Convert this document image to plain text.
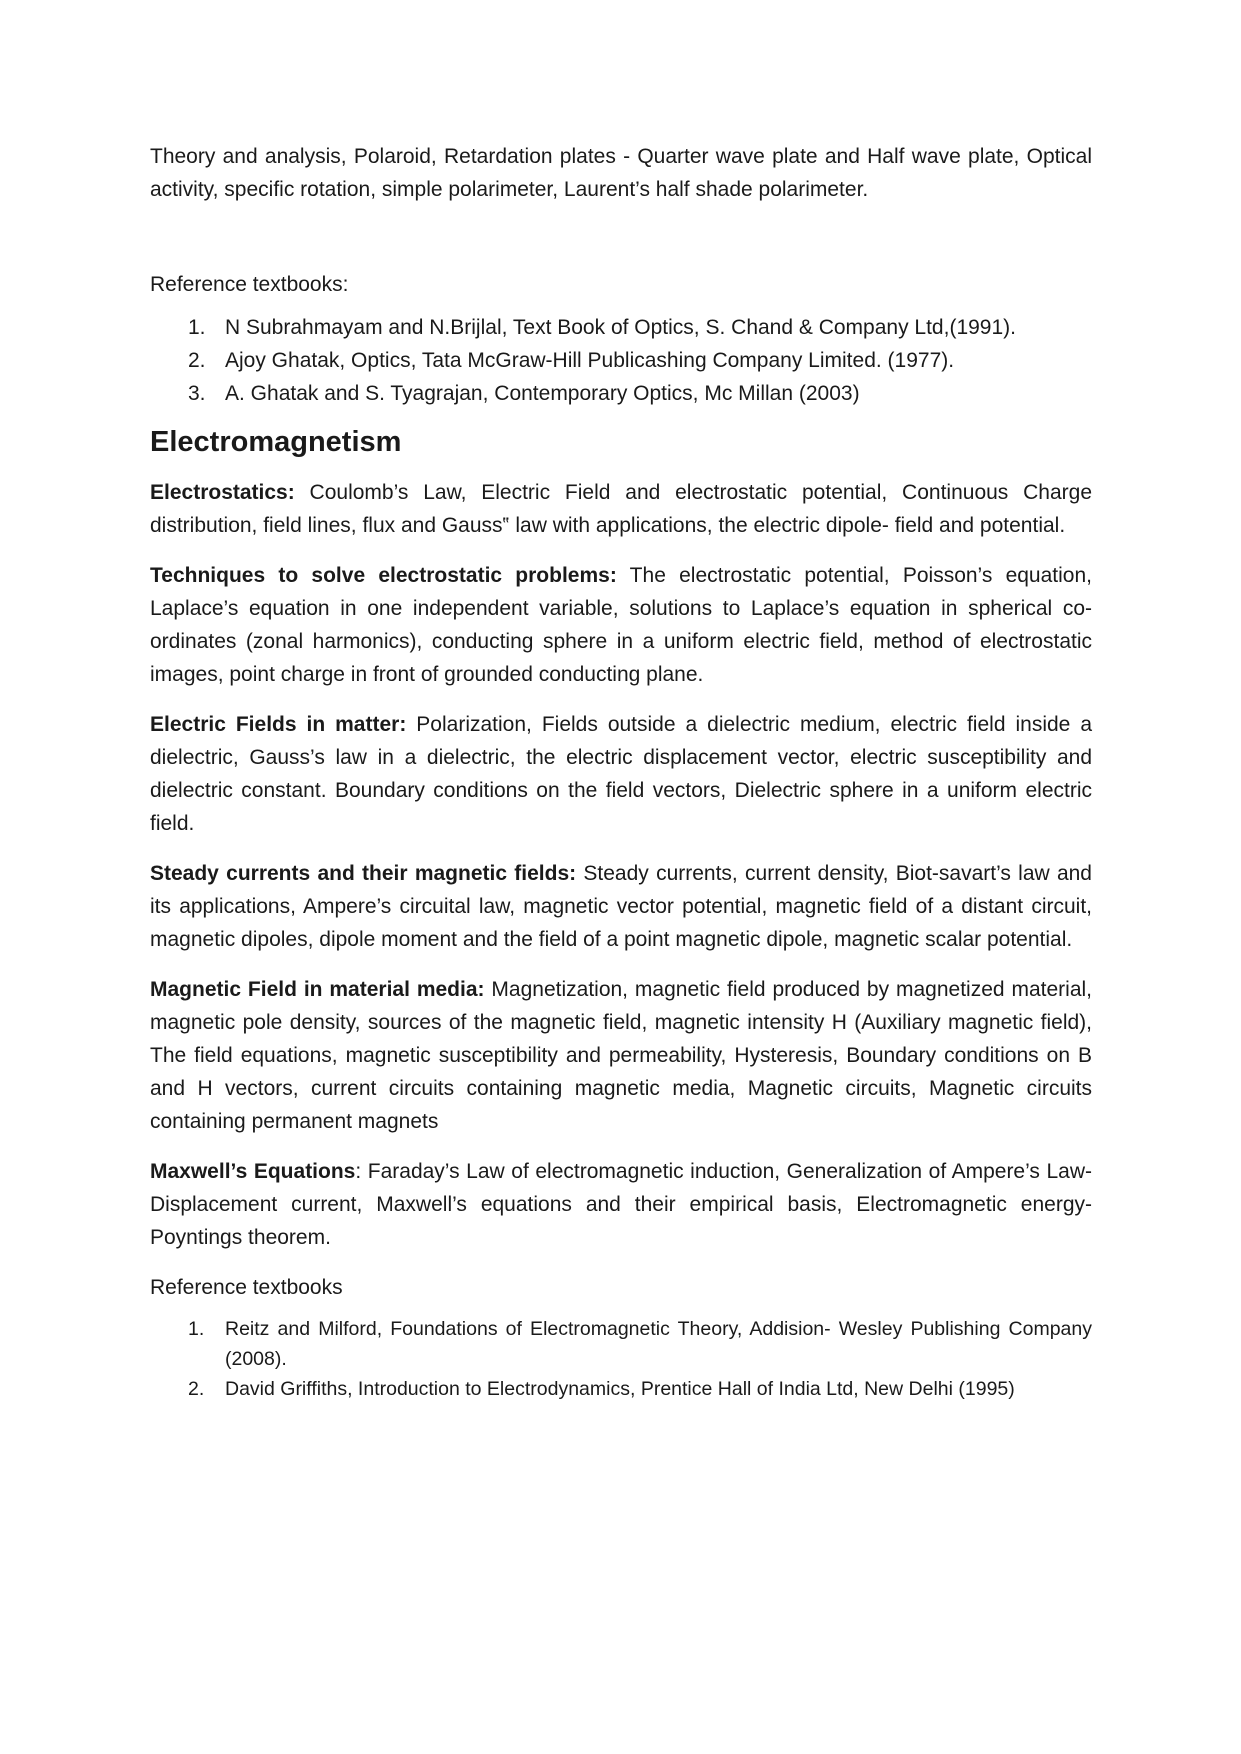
Theory and analysis, Polaroid, Retardation plates - Quarter wave plate and Half wave plate, Optical activity, specific rotation, simple polarimeter, Laurent’s half shade polarimeter.

Reference textbooks:

1. N Subrahmayam and N.Brijlal, Text Book of Optics, S. Chand & Company Ltd,(1991).
2. Ajoy Ghatak, Optics, Tata McGraw-Hill Publicashing Company Limited. (1977).
3. A. Ghatak and S. Tyagrajan, Contemporary Optics, Mc Millan (2003)
Electromagnetism

Electrostatics: Coulomb’s Law, Electric Field and electrostatic potential, Continuous Charge distribution, field lines, flux and Gauss‟ law with applications, the electric dipole- field and potential.

Techniques to solve electrostatic problems: The electrostatic potential, Poisson’s equation, Laplace’s equation in one independent variable, solutions to Laplace’s equation in spherical co-ordinates (zonal harmonics), conducting sphere in a uniform electric field, method of electrostatic images, point charge in front of grounded conducting plane.

Electric Fields in matter: Polarization, Fields outside a dielectric medium, electric field inside a dielectric, Gauss’s law in a dielectric, the electric displacement vector, electric susceptibility and dielectric constant. Boundary conditions on the field vectors, Dielectric sphere in a uniform electric field.

Steady currents and their magnetic fields: Steady currents, current density, Biot-savart’s law and its applications, Ampere’s circuital law, magnetic vector potential, magnetic field of a distant circuit, magnetic dipoles, dipole moment and the field of a point magnetic dipole, magnetic scalar potential.

Magnetic Field in material media: Magnetization, magnetic field produced by magnetized material, magnetic pole density, sources of the magnetic field, magnetic intensity H (Auxiliary magnetic field), The field equations, magnetic susceptibility and permeability, Hysteresis, Boundary conditions on B and H vectors, current circuits containing magnetic media, Magnetic circuits, Magnetic circuits containing permanent magnets

Maxwell’s Equations: Faraday’s Law of electromagnetic induction, Generalization of Ampere’s Law- Displacement current, Maxwell’s equations and their empirical basis, Electromagnetic energy-Poyntings theorem.

Reference textbooks

1. Reitz and Milford, Foundations of Electromagnetic Theory, Addision- Wesley Publishing Company (2008).
2. David Griffiths, Introduction to Electrodynamics, Prentice Hall of India Ltd, New Delhi (1995)
